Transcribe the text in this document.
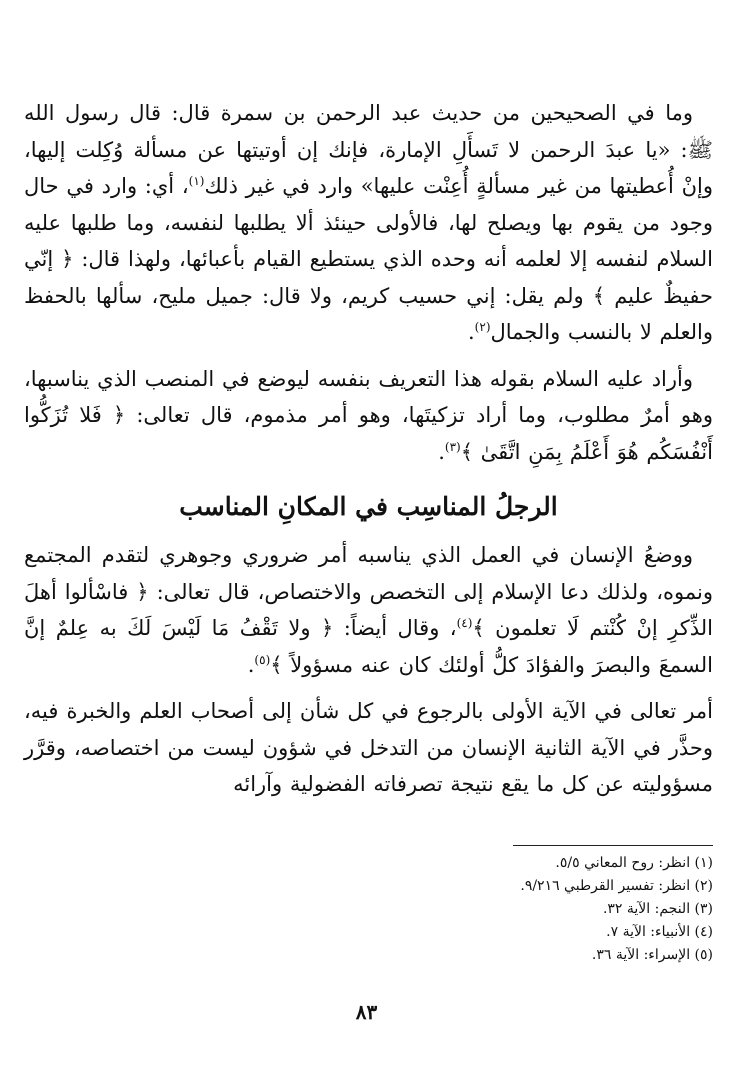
وما في الصحيحين من حديث عبد الرحمن بن سمرة قال: قال رسول الله ﷺ: «يا عبدَ الرحمن لا تَسأَلِ الإمارة، فإنك إن أوتيتها عن مسألة وُكِلت إليها، وإنْ أُعطيتها من غير مسألةٍ أُعِنْت عليها» وارد في غير ذلك$^{(١)}$، أي: وارد في حال وجود من يقوم بها ويصلح لها، فالأولى حينئذ ألا يطلبها لنفسه، وما طلبها عليه السلام لنفسه إلا لعلمه أنه وحده الذي يستطيع القيام بأعبائها، ولهذا قال: ﴿ إنّي حفيظٌ عليم ﴾ ولم يقل: إني حسيب كريم، ولا قال: جميل مليح، سألها بالحفظ والعلم لا بالنسب والجمال$^{(٢)}$.

وأراد عليه السلام بقوله هذا التعريف بنفسه ليوضع في المنصب الذي يناسبها، وهو أمرٌ مطلوب، وما أراد تزكيتَها، وهو أمر مذموم، قال تعالى: ﴿ فَلا تُزَكُّوا أَنْفُسَكُم هُوَ أَعْلَمُ بِمَنِ اتَّقَىٰ ﴾$^{(٣)}$.

الرجلُ المناسِب في المكانِ المناسب

ووضعُ الإنسان في العمل الذي يناسبه أمر ضروري وجوهري لتقدم المجتمع ونموه، ولذلك دعا الإسلام إلى التخصص والاختصاص، قال تعالى: ﴿ فاسْألوا أهلَ الذِّكرِ إنْ كُنْتم لَا تعلمون ﴾$^{(٤)}$، وقال أيضاً: ﴿ ولا تَقْفُ مَا لَيْسَ لَكَ به عِلمٌ إنَّ السمعَ والبصرَ والفؤادَ كلُّ أولئك كان عنه مسؤولاً ﴾$^{(٥)}$.

أمر تعالى في الآية الأولى بالرجوع في كل شأن إلى أصحاب العلم والخبرة فيه، وحذَّر في الآية الثانية الإنسان من التدخل في شؤون ليست من اختصاصه، وقرَّر مسؤوليته عن كل ما يقع نتيجة تصرفاته الفضولية وآرائه

(١) انظر: روح المعاني ٥/٥.
(٢) انظر: تفسير القرطبي ٩/٢١٦.
(٣) النجم: الآية ٣٢.
(٤) الأنبياء: الآية ٧.
(٥) الإسراء: الآية ٣٦.
٨٣
